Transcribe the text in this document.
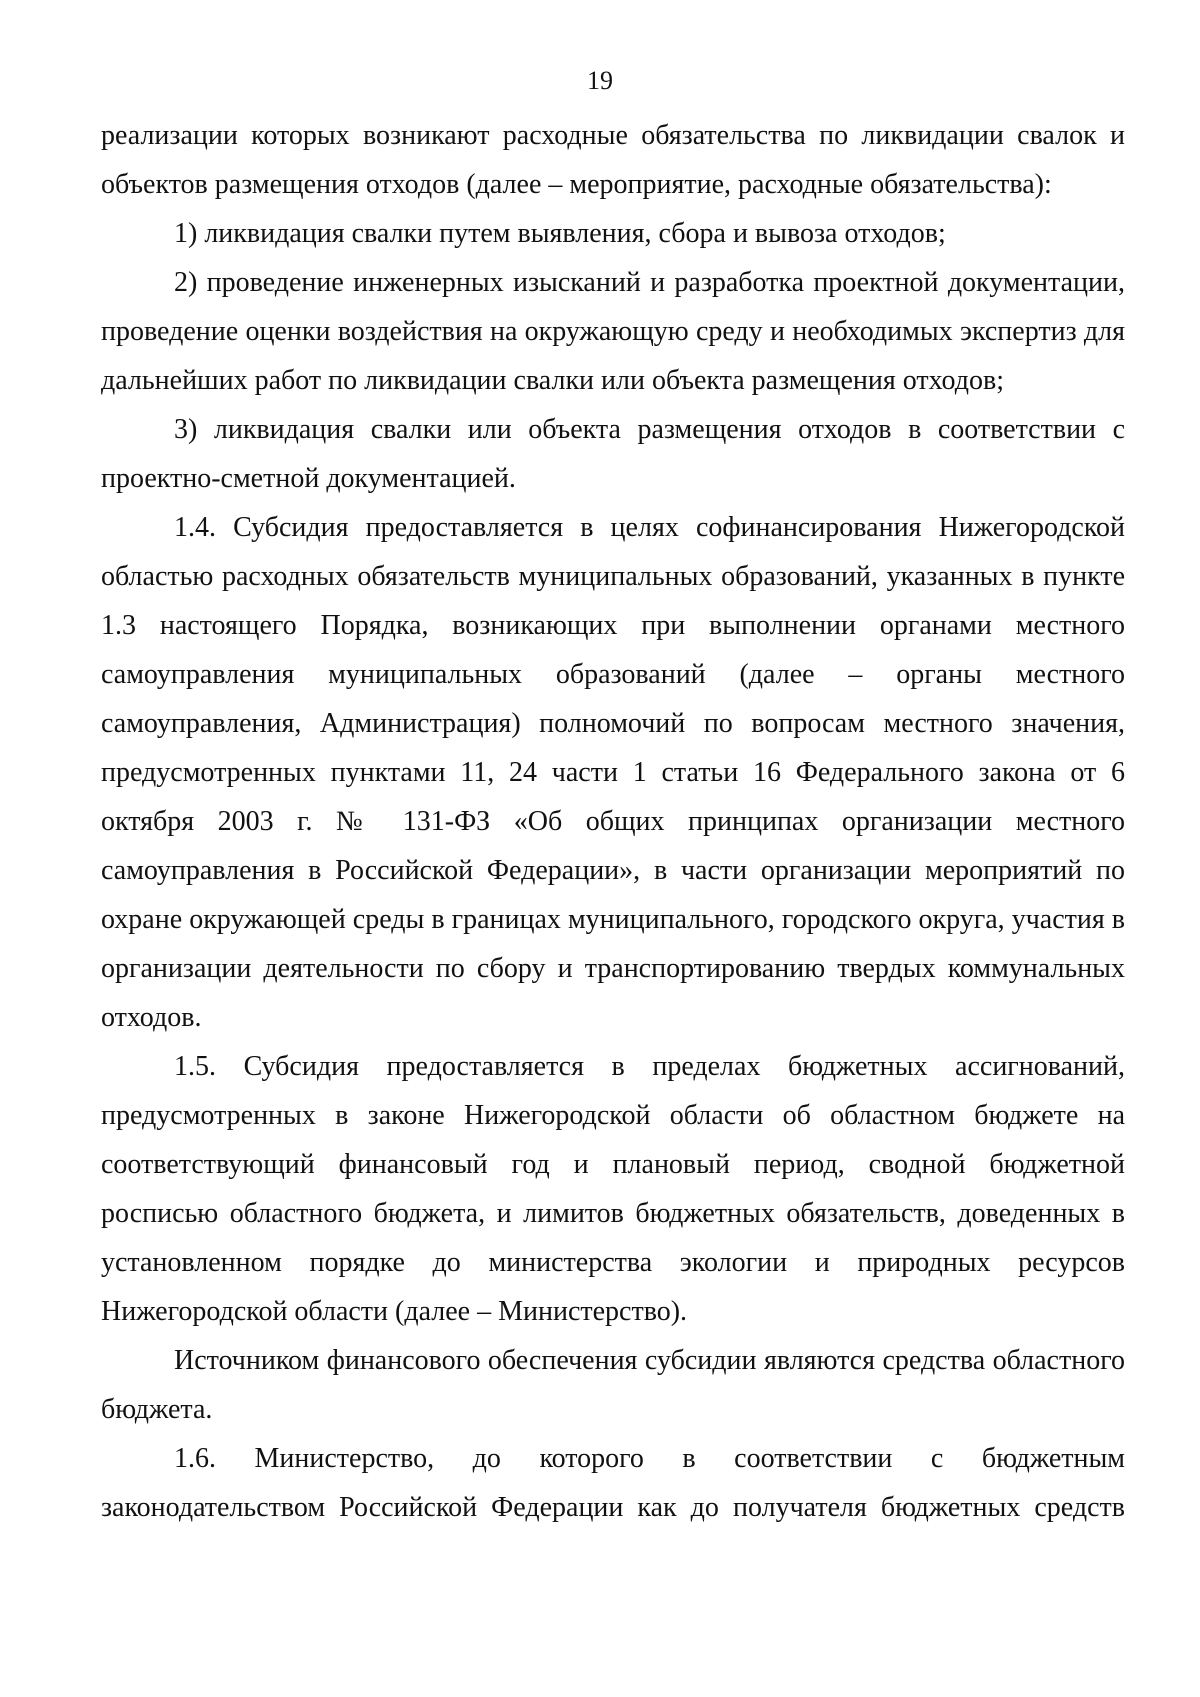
19

реализации которых возникают расходные обязательства по ликвидации свалок и объектов размещения отходов (далее – мероприятие, расходные обязательства):

1) ликвидация свалки путем выявления, сбора и вывоза отходов;

2) проведение инженерных изысканий и разработка проектной документации, проведение оценки воздействия на окружающую среду и необходимых экспертиз для дальнейших работ по ликвидации свалки или объекта размещения отходов;

3) ликвидация свалки или объекта размещения отходов в соответствии с проектно-сметной документацией.

1.4. Субсидия предоставляется в целях софинансирования Нижегородской областью расходных обязательств муниципальных образований, указанных в пункте 1.3 настоящего Порядка, возникающих при выполнении органами местного самоуправления муниципальных образований (далее – органы местного самоуправления, Администрация) полномочий по вопросам местного значения, предусмотренных пунктами 11, 24 части 1 статьи 16 Федерального закона от 6 октября 2003 г. № 131-ФЗ «Об общих принципах организации местного самоуправления в Российской Федерации», в части организации мероприятий по охране окружающей среды в границах муниципального, городского округа, участия в организации деятельности по сбору и транспортированию твердых коммунальных отходов.

1.5. Субсидия предоставляется в пределах бюджетных ассигнований, предусмотренных в законе Нижегородской области об областном бюджете на соответствующий финансовый год и плановый период, сводной бюджетной росписью областного бюджета, и лимитов бюджетных обязательств, доведенных в установленном порядке до министерства экологии и природных ресурсов Нижегородской области (далее – Министерство).

Источником финансового обеспечения субсидии являются средства областного бюджета.

1.6. Министерство, до которого в соответствии с бюджетным законодательством Российской Федерации как до получателя бюджетных средств
